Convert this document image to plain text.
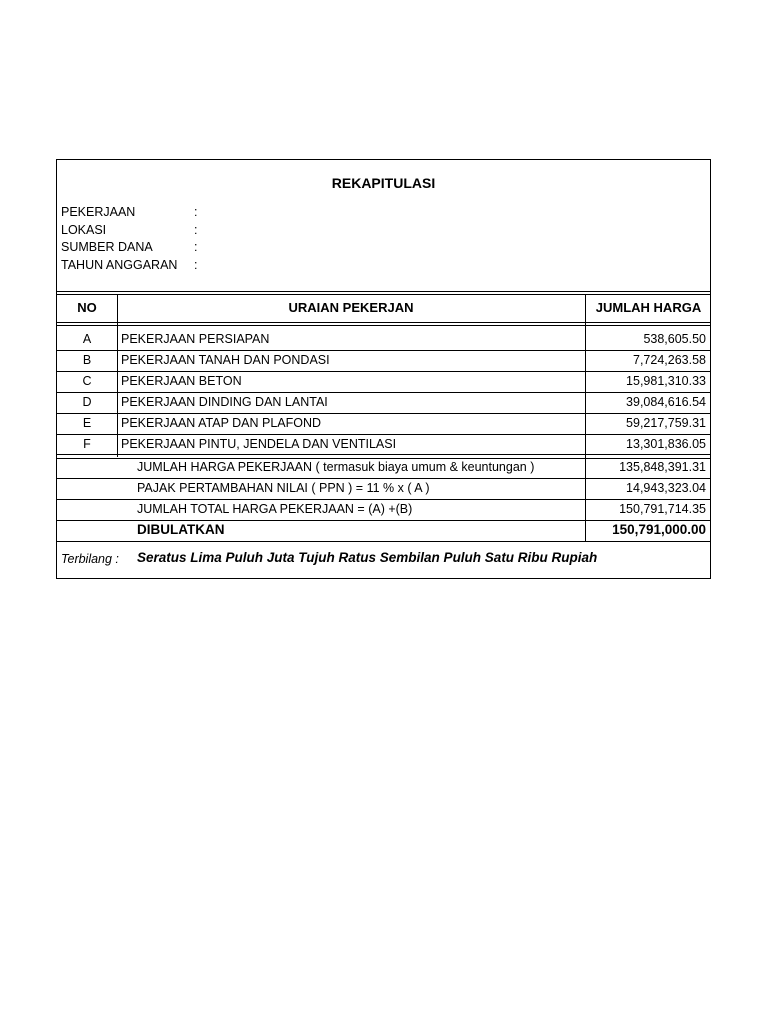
REKAPITULASI
PEKERJAAN	:
LOKASI	:
SUMBER DANA	:
TAHUN ANGGARAN :
NO	URAIAN PEKERJAN	JUMLAH HARGA
A	PEKERJAAN PERSIAPAN	538,605.50
B	PEKERJAAN TANAH DAN PONDASI	7,724,263.58
C	PEKERJAAN BETON	15,981,310.33
D	PEKERJAAN DINDING DAN LANTAI	39,084,616.54
E	PEKERJAAN ATAP DAN PLAFOND	59,217,759.31
F	PEKERJAAN PINTU, JENDELA DAN VENTILASI	13,301,836.05
JUMLAH HARGA PEKERJAAN ( termasuk biaya umum & keuntungan )	135,848,391.31
PAJAK PERTAMBAHAN NILAI ( PPN ) = 11 % x ( A )	14,943,323.04
JUMLAH TOTAL HARGA PEKERJAAN = (A) +(B)	150,791,714.35
DIBULATKAN	150,791,000.00
Terbilang : Seratus Lima Puluh Juta Tujuh Ratus Sembilan Puluh Satu Ribu Rupiah
